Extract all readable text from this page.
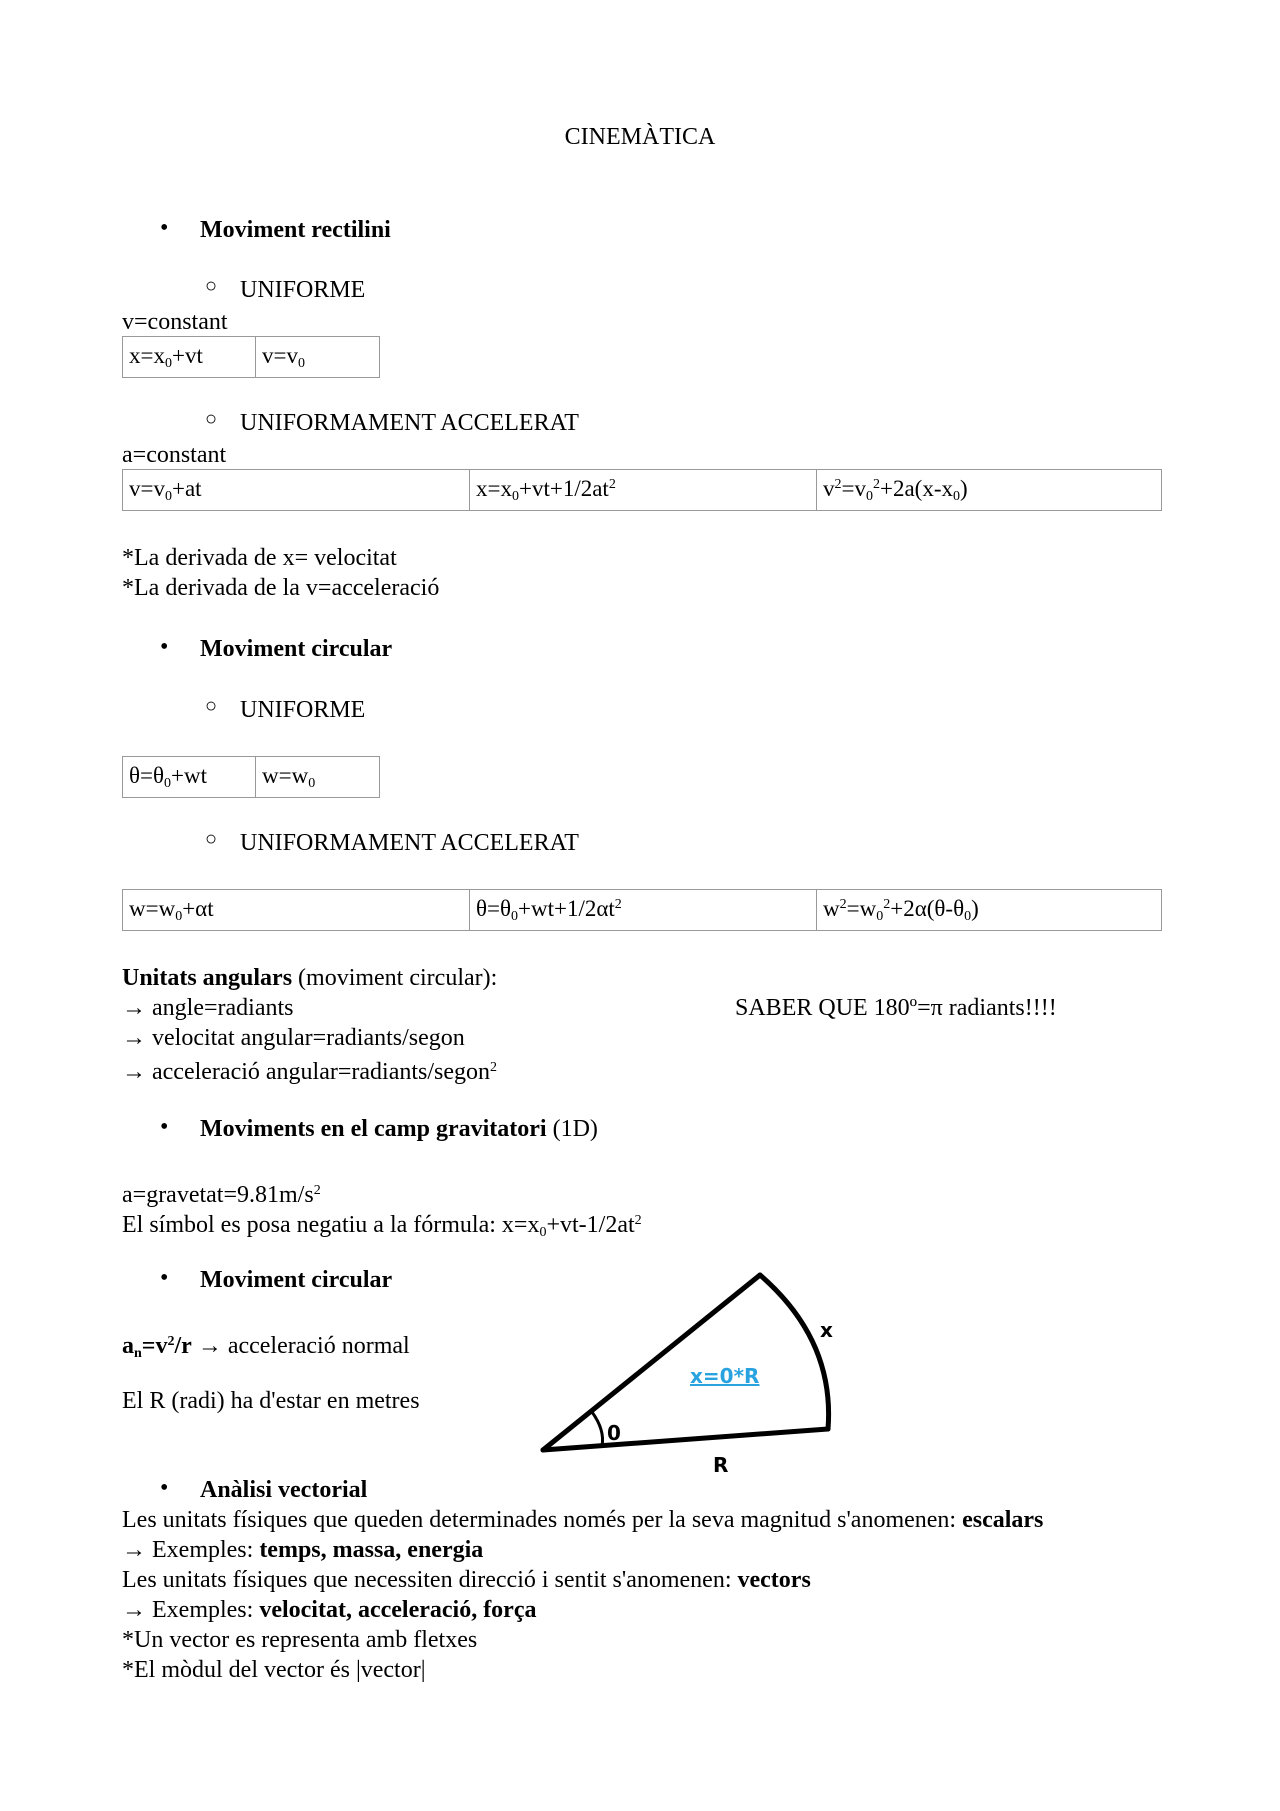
CINEMÀTICA
• Moviment rectilini
○ UNIFORME
v=constant
$x=x_0+vt$	$v=v_0$
○ UNIFORMAMENT ACCELERAT
a=constant
$v=v_0+at$	$x=x_0+vt+1/2at^2$	$v^2=v_0^2+2a(x-x_0)$
*La derivada de x= velocitat
*La derivada de la v=acceleració
• Moviment circular
○ UNIFORME
$\theta=\theta_0+wt$	$w=w_0$
○ UNIFORMAMENT ACCELERAT
$w=w_0+\alpha t$	$\theta=\theta_0+wt+1/2\alpha t^2$	$w^2=w_0^2+2\alpha(\theta-\theta_0)$
Unitats angulars (moviment circular):
→ angle=radiants
→ velocitat angular=radiants/segon
→ acceleració angular=radiants/segon$^2$
SABER QUE 180º=π radiants!!!!
• Moviments en el camp gravitatori (1D)
$a=gravetat=9.81m/s^2$
El símbol es posa negatiu a la fórmula: $x=x_0+vt-1/2at^2$
• Moviment circular
$a_n=v^2/r$ → acceleració normal
El R (radi) ha d'estar en metres
x
0
R
x=0*R
• Anàlisi vectorial
Les unitats físiques que queden determinades només per la seva magnitud s'anomenen: escalars
→ Exemples: temps, massa, energia
Les unitats físiques que necessiten direcció i sentit s'anomenen: vectors
→ Exemples: velocitat, acceleració, força
*Un vector es representa amb fletxes
*El mòdul del vector és |vector|
